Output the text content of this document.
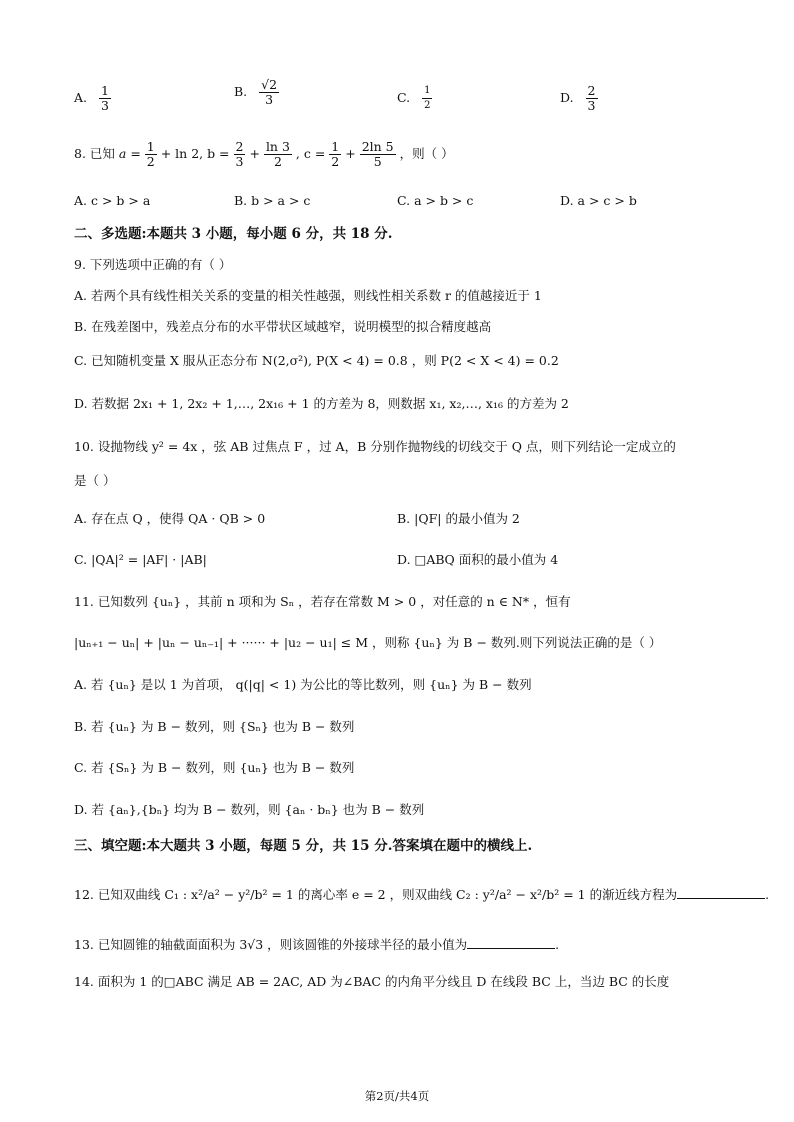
A. $\frac{1}{3}$	B. $\frac{√2}{3}$	C. $\frac{1}{2}$	D. $\frac{2}{3}$
8. 已知 $a = \frac{1}{2} + \ln 2$, $b = \frac{2}{3} + \frac{\ln 3}{2}$ , $c = \frac{1}{2} + \frac{2\ln 5}{5}$ ，则（ ）
A. c > b > a	B. b > a > c	C. a > b > c	D. a > c > b
二、多选题:本题共 3 小题，每小题 6 分，共 18 分.
9. 下列选项中正确的有（ ）
A. 若两个具有线性相关关系的变量的相关性越强，则线性相关系数 r 的值越接近于 1
B. 在残差图中，残差点分布的水平带状区域越窄，说明模型的拟合精度越高
C. 已知随机变量 X 服从正态分布 N(2,σ²), P(X < 4) = 0.8 ，则 P(2 < X < 4) = 0.2
D. 若数据 2x₁ + 1, 2x₂ + 1,…, 2x₁₆ + 1 的方差为 8，则数据 x₁, x₂,…, x₁₆ 的方差为 2
10. 设抛物线 y² = 4x ，弦 AB 过焦点 F ，过 A，B 分别作抛物线的切线交于 Q 点，则下列结论一定成立的
是（ ）
A. 存在点 Q ，使得 QA · QB > 0	B. |QF| 的最小值为 2
C. |QA|² = |AF| · |AB|	D. □ABQ 面积的最小值为 4
11. 已知数列 {uₙ} ，其前 n 项和为 Sₙ ，若存在常数 M > 0 ，对任意的 n ∈ N* ，恒有
|uₙ₊₁ − uₙ| + |uₙ − uₙ₋₁| + ······ + |u₂ − u₁| ≤ M ，则称 {uₙ} 为 B − 数列.则下列说法正确的是（ ）
A. 若 {uₙ} 是以 1 为首项， q(|q| < 1) 为公比的等比数列，则 {uₙ} 为 B − 数列
B. 若 {uₙ} 为 B − 数列，则 {Sₙ} 也为 B − 数列
C. 若 {Sₙ} 为 B − 数列，则 {uₙ} 也为 B − 数列
D. 若 {aₙ},{bₙ} 均为 B − 数列，则 {aₙ · bₙ} 也为 B − 数列
三、填空题:本大题共 3 小题，每题 5 分，共 15 分.答案填在题中的横线上.
12. 已知双曲线 C₁ : x²/a² − y²/b² = 1 的离心率 e = 2 ，则双曲线 C₂ : y²/a² − x²/b² = 1 的渐近线方程为	.
13. 已知圆锥的轴截面面积为 3√3 ，则该圆锥的外接球半径的最小值为	.
14. 面积为 1 的□ABC 满足 AB = 2AC, AD 为∠BAC 的内角平分线且 D 在线段 BC 上，当边 BC 的长度
第2页/共4页
